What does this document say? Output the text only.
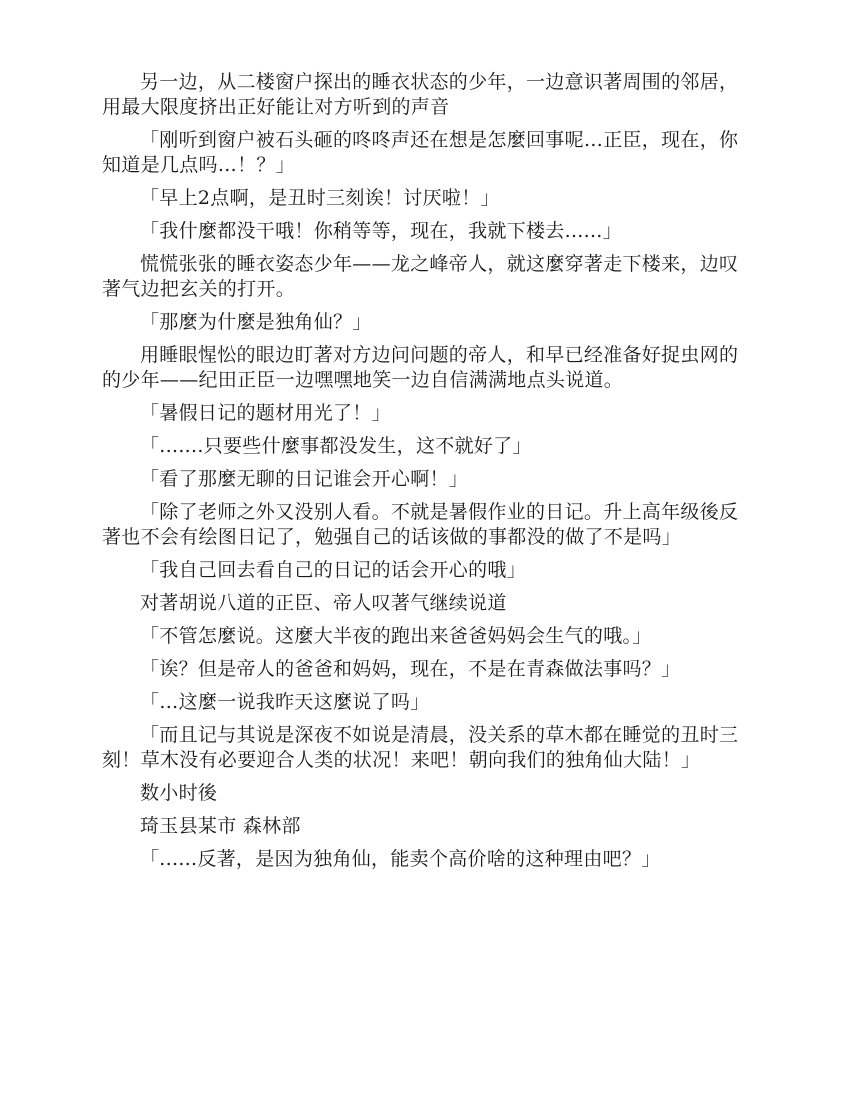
另一边，从二楼窗户探出的睡衣状态的少年，一边意识著周围的邻居，用最大限度挤出正好能让对方听到的声音

「刚听到窗户被石头砸的咚咚声还在想是怎麼回事呢…正臣，现在，你知道是几点吗…！？」

「早上2点啊，是丑时三刻诶！讨厌啦！」

「我什麼都没干哦！你稍等等，现在，我就下楼去......」

慌慌张张的睡衣姿态少年——龙之峰帝人，就这麼穿著走下楼来，边叹著气边把玄关的打开。

「那麼为什麼是独角仙？」

用睡眼惺忪的眼边盯著对方边问问题的帝人，和早已经准备好捉虫网的的少年——纪田正臣一边嘿嘿地笑一边自信满满地点头说道。

「暑假日记的题材用光了！」

「.......只要些什麼事都没发生，这不就好了」

「看了那麼无聊的日记谁会开心啊！」

「除了老师之外又没别人看。不就是暑假作业的日记。升上高年级後反著也不会有绘图日记了，勉强自己的话该做的事都没的做了不是吗」

「我自己回去看自己的日记的话会开心的哦」

对著胡说八道的正臣、帝人叹著气继续说道

「不管怎麼说。这麼大半夜的跑出来爸爸妈妈会生气的哦。」

「诶？但是帝人的爸爸和妈妈，现在，不是在青森做法事吗？」

「…这麼一说我昨天这麼说了吗」

「而且记与其说是深夜不如说是清晨，没关系的草木都在睡觉的丑时三刻！草木没有必要迎合人类的状况！来吧！朝向我们的独角仙大陆！」

数小时後

琦玉县某市 森林部

「......反著，是因为独角仙，能卖个高价啥的这种理由吧？」
